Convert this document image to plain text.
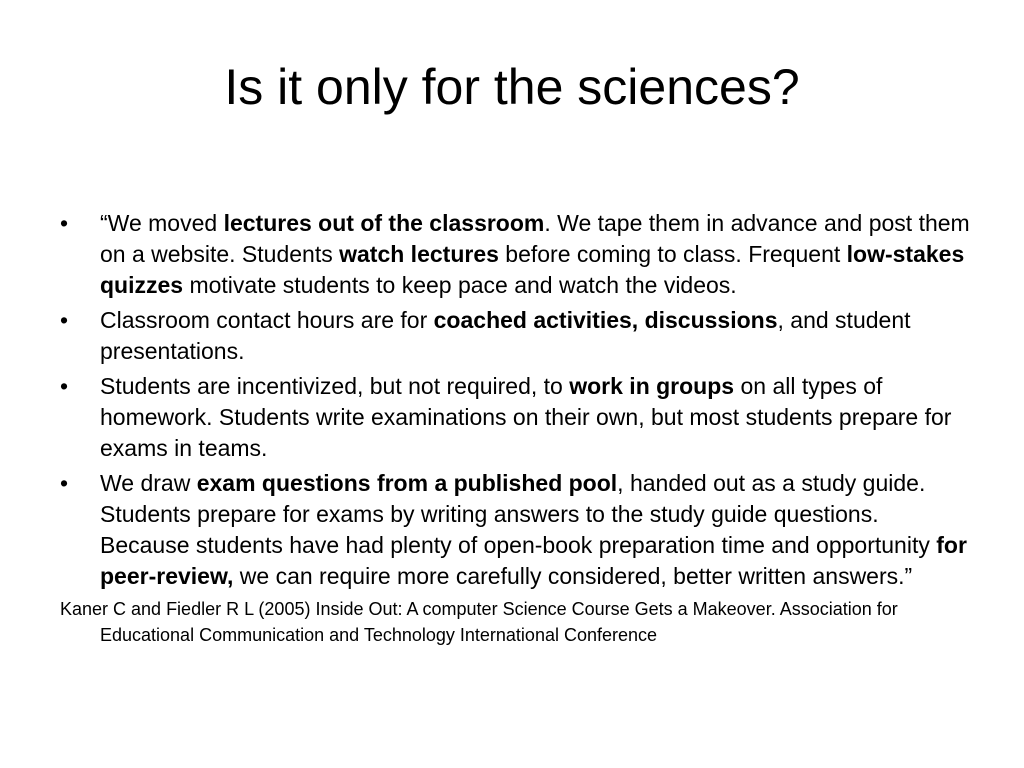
Is it only for the sciences?
• “We moved lectures out of the classroom. We tape them in advance and post them on a website. Students watch lectures before coming to class. Frequent low-stakes quizzes motivate students to keep pace and watch the videos.
• Classroom contact hours are for coached activities, discussions, and student presentations.
• Students are incentivized, but not required, to work in groups on all types of homework. Students write examinations on their own, but most students prepare for exams in teams.
• We draw exam questions from a published pool, handed out as a study guide. Students prepare for exams by writing answers to the study guide questions. Because students have had plenty of open-book preparation time and opportunity for peer-review, we can require more carefully considered, better written answers.”
Kaner C and Fiedler R L (2005) Inside Out: A computer Science Course Gets a Makeover. Association for Educational Communication and Technology International Conference
